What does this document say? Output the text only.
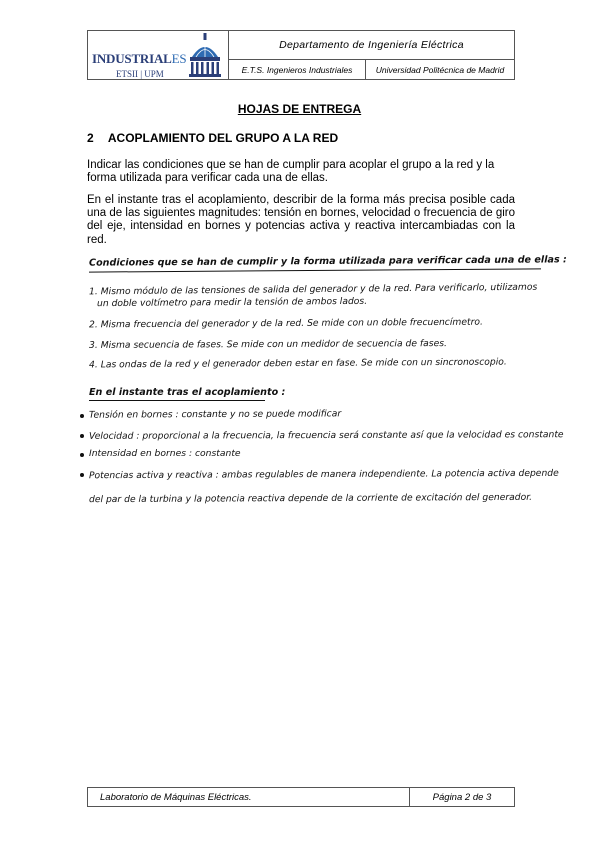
INDUSTRIALES
ETSII | UPM
Departamento de Ingeniería Eléctrica
E.T.S. Ingenieros Industriales	Universidad Politécnica de Madrid
HOJAS DE ENTREGA
2 ACOPLAMIENTO DEL GRUPO A LA RED
Indicar las condiciones que se han de cumplir para acoplar el grupo a la red y la forma utilizada para verificar cada una de ellas.
En el instante tras el acoplamiento, describir de la forma más precisa posible cada una de las siguientes magnitudes: tensión en bornes, velocidad o frecuencia de giro del eje, intensidad en bornes y potencias activa y reactiva intercambiadas con la red.
Condiciones que se han de cumplir y la forma utilizada para verificar cada una de ellas :
1. Mismo módulo de las tensiones de salida del generador y de la red. Para verificarlo, utilizamos
un doble voltímetro para medir la tensión de ambos lados.
2. Misma frecuencia del generador y de la red. Se mide con un doble frecuencímetro.
3. Misma secuencia de fases. Se mide con un medidor de secuencia de fases.
4. Las ondas de la red y el generador deben estar en fase. Se mide con un sincronoscopio.
En el instante tras el acoplamiento :
Tensión en bornes : constante y no se puede modificar
Velocidad : proporcional a la frecuencia, la frecuencia será constante así que la velocidad es constante
Intensidad en bornes : constante
Potencias activa y reactiva : ambas regulables de manera independiente. La potencia activa depende
del par de la turbina y la potencia reactiva depende de la corriente de excitación del generador.
Laboratorio de Máquinas Eléctricas.	Página 2 de 3
